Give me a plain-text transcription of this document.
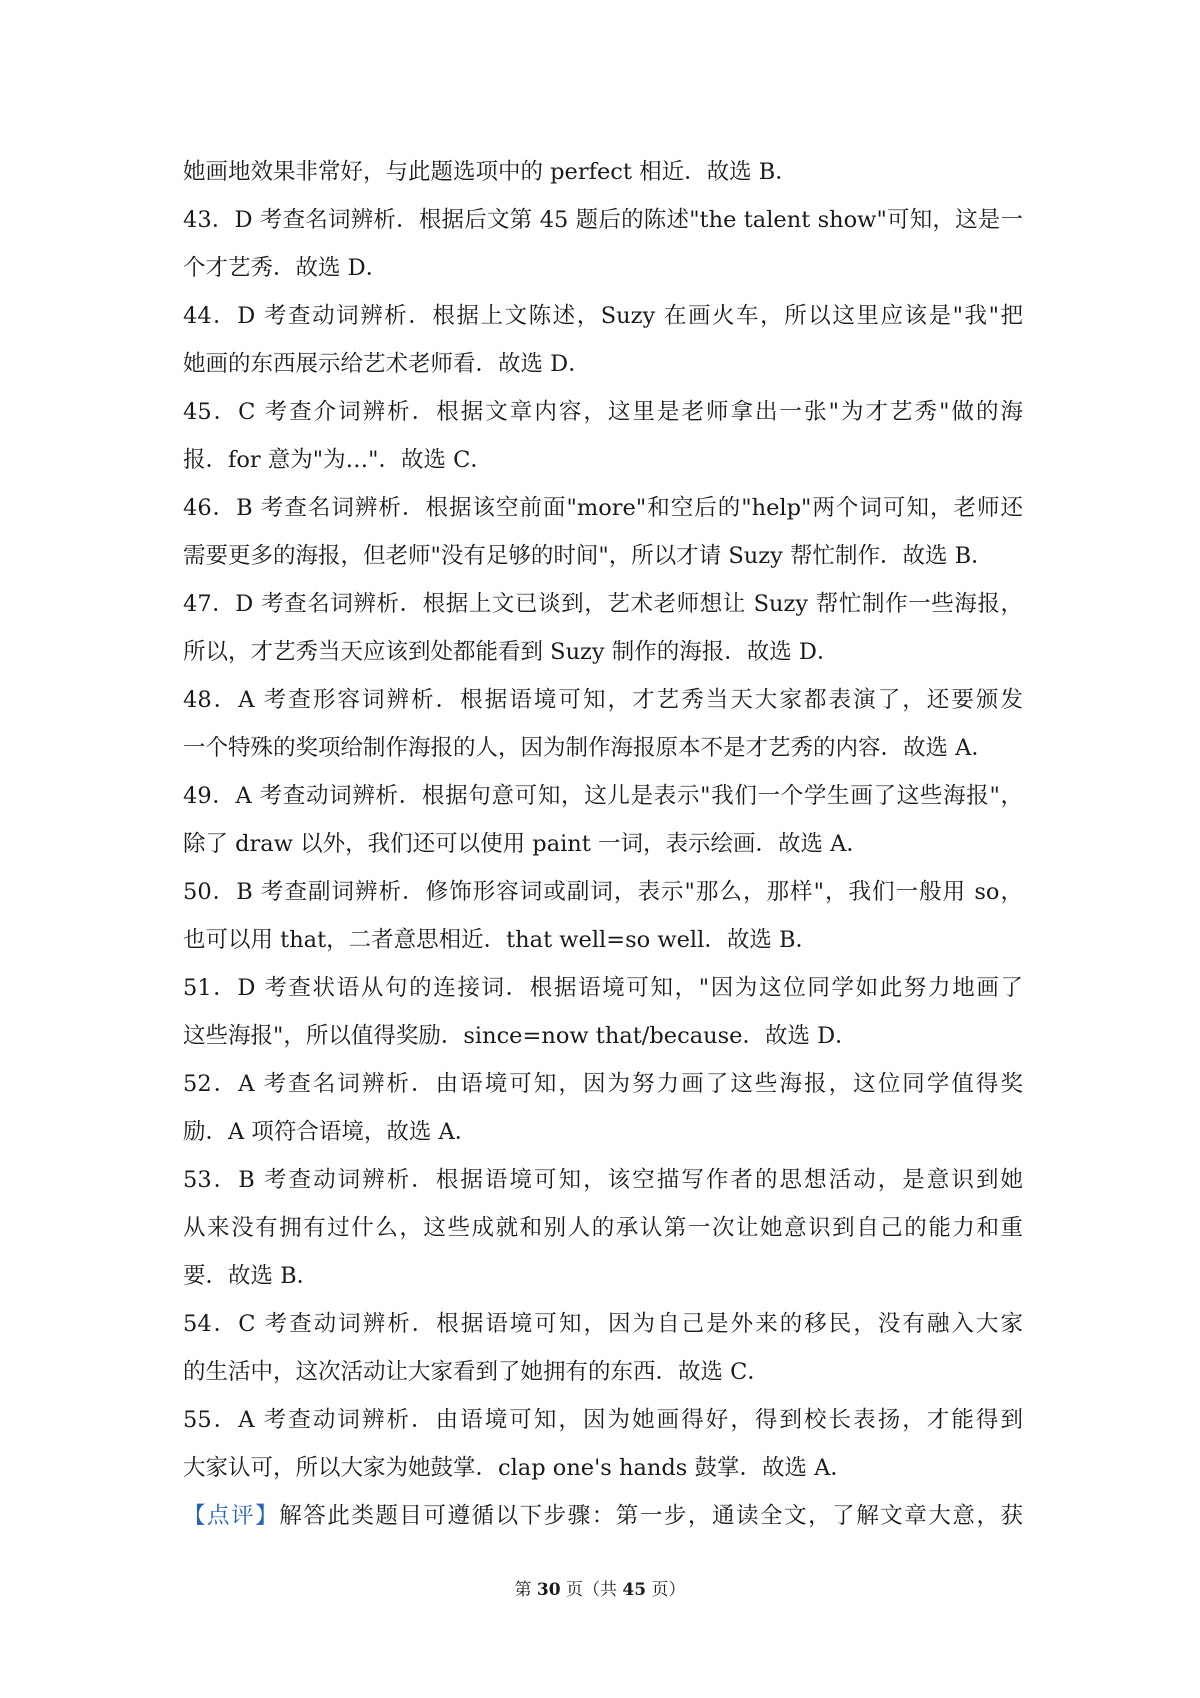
她画地效果非常好，与此题选项中的 perfect 相近．故选 B．
43．D 考查名词辨析．根据后文第 45 题后的陈述"the talent show"可知，这是一
个才艺秀．故选 D．
44．D 考查动词辨析．根据上文陈述，Suzy 在画火车，所以这里应该是"我"把
她画的东西展示给艺术老师看．故选 D．
45．C 考查介词辨析．根据文章内容，这里是老师拿出一张"为才艺秀"做的海
报．for 意为"为…"．故选 C．
46．B 考查名词辨析．根据该空前面"more"和空后的"help"两个词可知，老师还
需要更多的海报，但老师"没有足够的时间"，所以才请 Suzy 帮忙制作．故选 B．
47．D 考查名词辨析．根据上文已谈到，艺术老师想让 Suzy 帮忙制作一些海报，
所以，才艺秀当天应该到处都能看到 Suzy 制作的海报．故选 D．
48．A 考查形容词辨析．根据语境可知，才艺秀当天大家都表演了，还要颁发
一个特殊的奖项给制作海报的人，因为制作海报原本不是才艺秀的内容．故选 A．
49．A 考查动词辨析．根据句意可知，这儿是表示"我们一个学生画了这些海报"，
除了 draw 以外，我们还可以使用 paint 一词，表示绘画．故选 A．
50．B 考查副词辨析．修饰形容词或副词，表示"那么，那样"，我们一般用 so，
也可以用 that，二者意思相近．that well=so well．故选 B．
51．D 考查状语从句的连接词．根据语境可知，"因为这位同学如此努力地画了
这些海报"，所以值得奖励．since=now that/because．故选 D．
52．A 考查名词辨析．由语境可知，因为努力画了这些海报，这位同学值得奖
励．A 项符合语境，故选 A．
53．B 考查动词辨析．根据语境可知，该空描写作者的思想活动，是意识到她
从来没有拥有过什么，这些成就和别人的承认第一次让她意识到自己的能力和重
要．故选 B．
54．C 考查动词辨析．根据语境可知，因为自己是外来的移民，没有融入大家
的生活中，这次活动让大家看到了她拥有的东西．故选 C．
55．A 考查动词辨析．由语境可知，因为她画得好，得到校长表扬，才能得到
大家认可，所以大家为她鼓掌．clap one's hands 鼓掌．故选 A．
【点评】解答此类题目可遵循以下步骤：第一步，通读全文，了解文章大意，获
第 30 页（共 45 页）
